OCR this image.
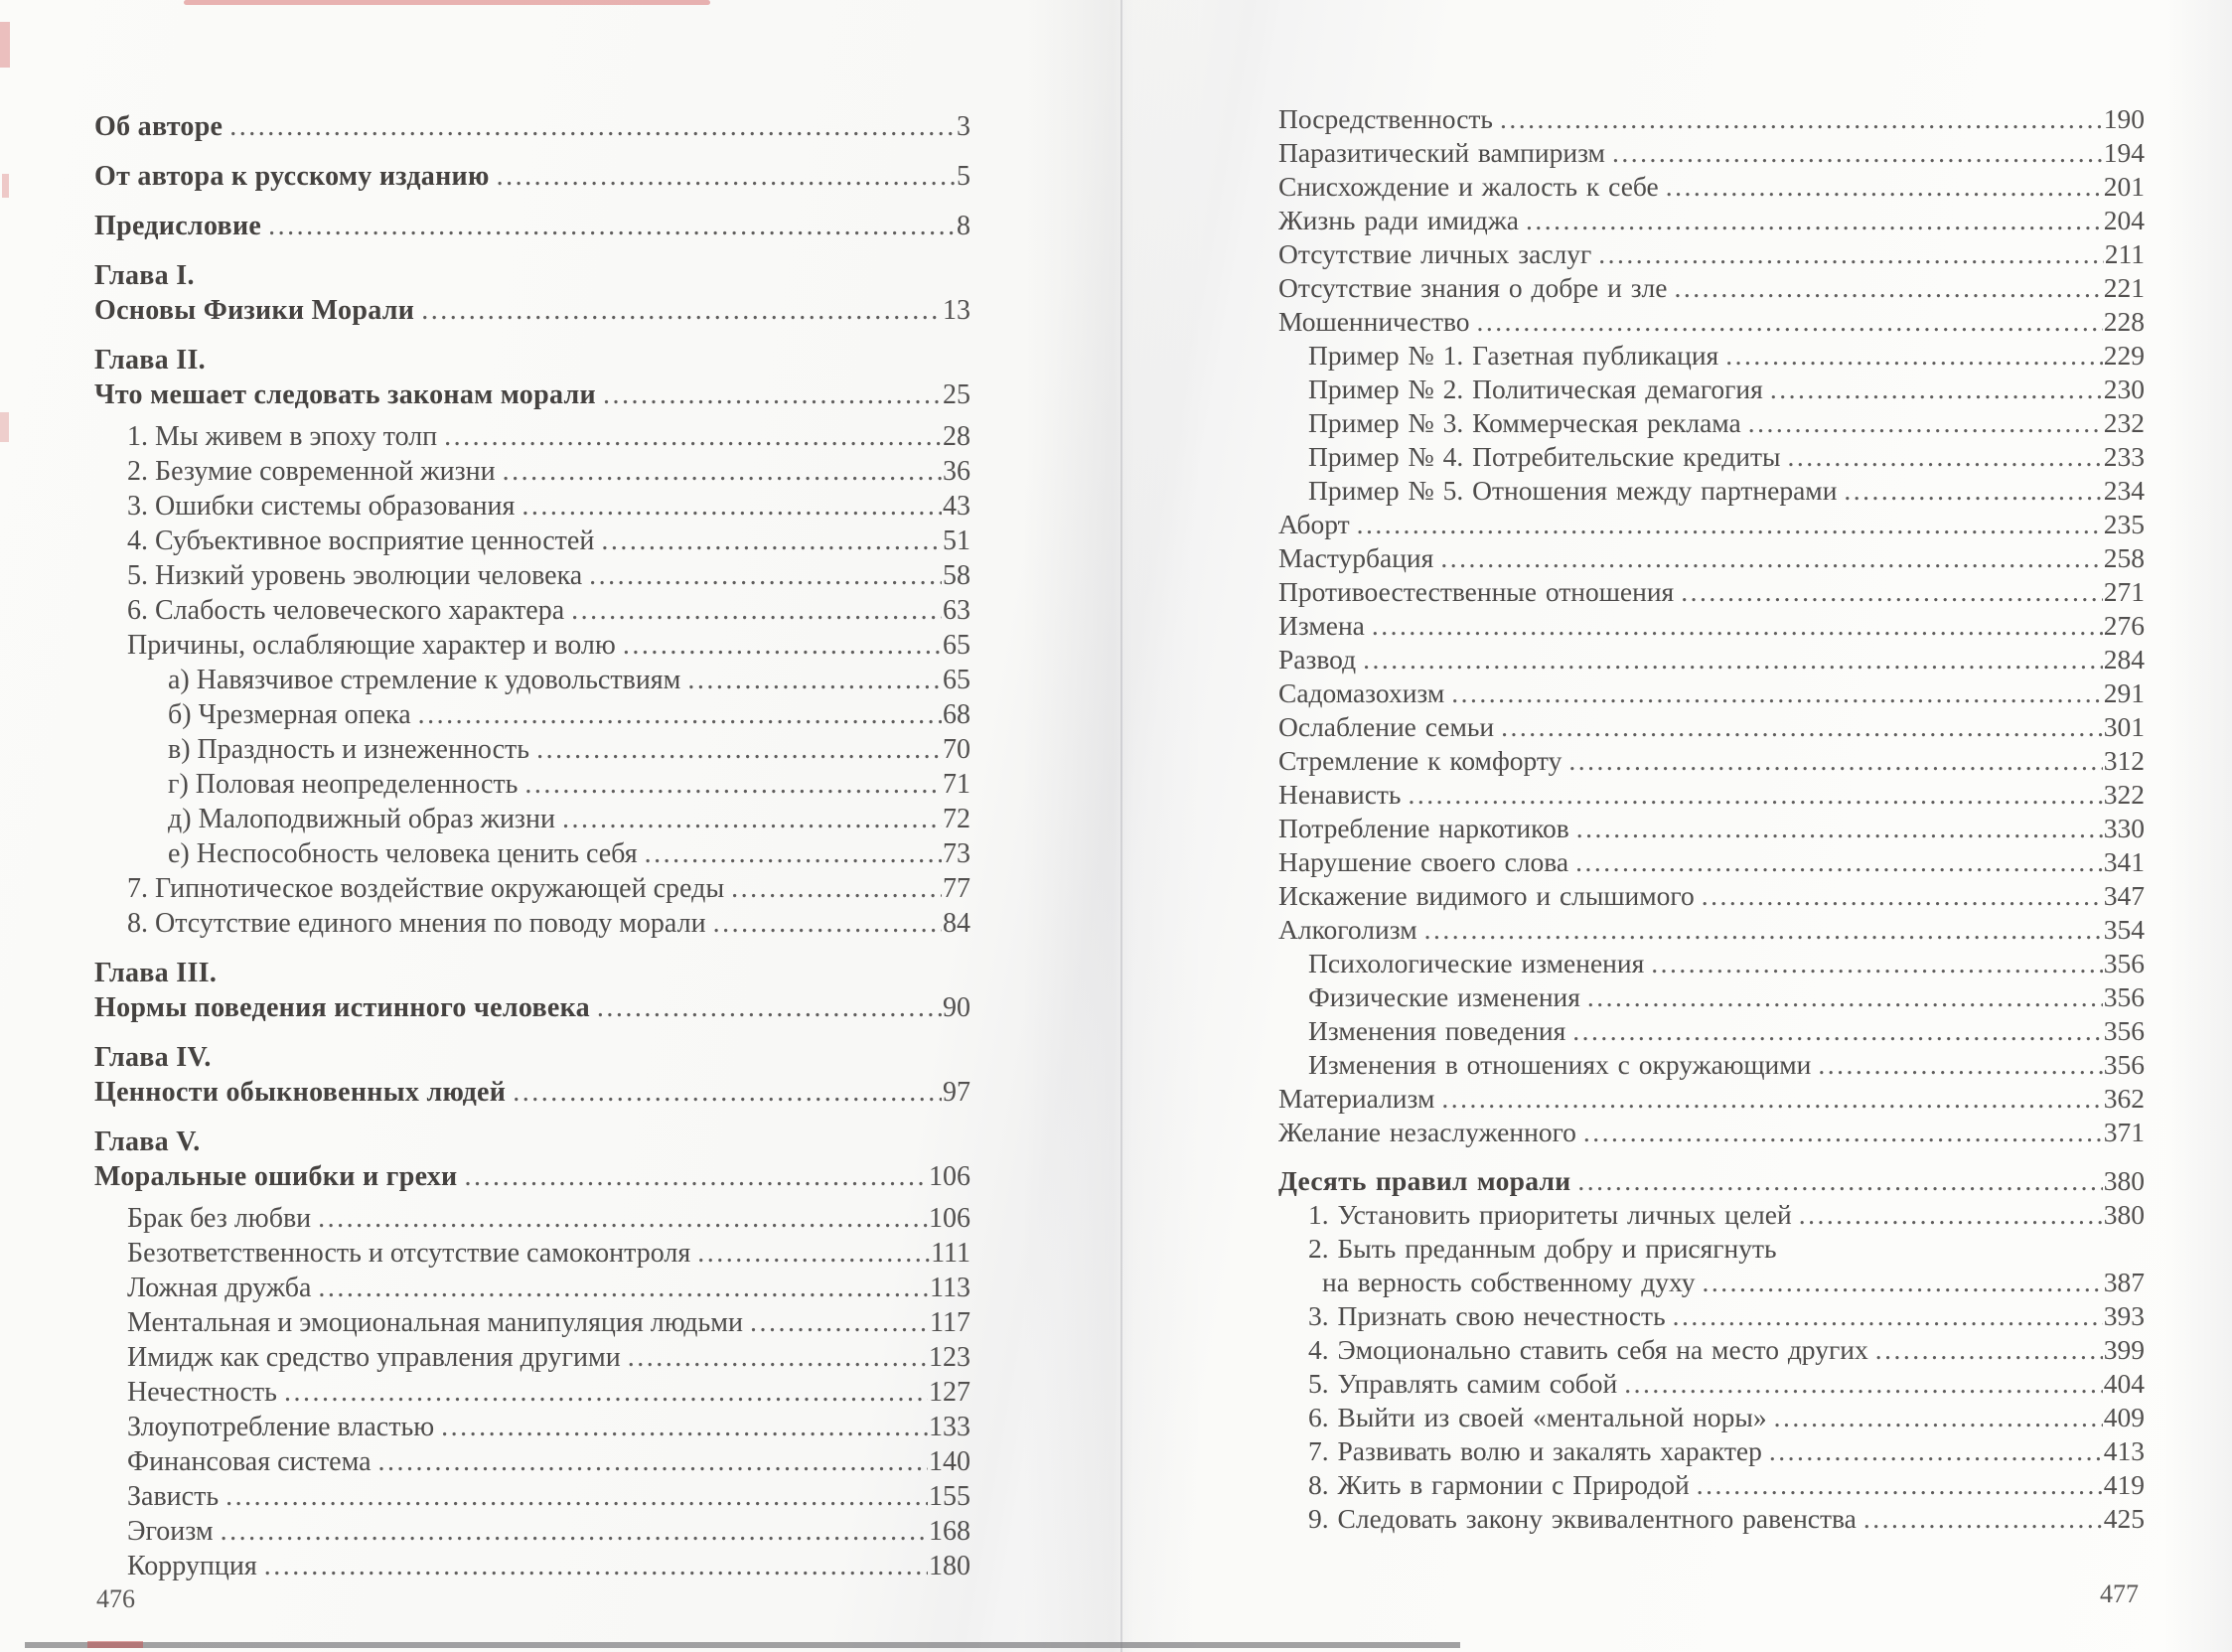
Об авторе .....	3
От автора к русскому изданию .....	5
Предисловие .....	8
Глава I.
Основы Физики Морали .....	13
Глава II.
Что мешает следовать законам морали .....	25
1. Мы живем в эпоху толп .....	28
2. Безумие современной жизни .....	36
3. Ошибки системы образования .....	43
4. Субъективное восприятие ценностей .....	51
5. Низкий уровень эволюции человека .....	58
6. Слабость человеческого характера .....	63
Причины, ослабляющие характер и волю .....	65
а) Навязчивое стремление к удовольствиям .....	65
б) Чрезмерная опека .....	68
в) Праздность и изнеженность .....	70
г) Половая неопределенность .....	71
д) Малоподвижный образ жизни .....	72
е) Неспособность человека ценить себя .....	73
7. Гипнотическое воздействие окружающей среды .....	77
8. Отсутствие единого мнения по поводу морали .....	84
Глава III.
Нормы поведения истинного человека .....	90
Глава IV.
Ценности обыкновенных людей .....	97
Глава V.
Моральные ошибки и грехи .....	106
Брак без любви .....	106
Безответственность и отсутствие самоконтроля .....	111
Ложная дружба .....	113
Ментальная и эмоциональная манипуляция людьми .....	117
Имидж как средство управления другими .....	123
Нечестность .....	127
Злоупотребление властью .....	133
Финансовая система .....	140
Зависть .....	155
Эгоизм .....	168
Коррупция .....	180
Посредственность .....	190
Паразитический вампиризм .....	194
Снисхождение и жалость к себе .....	201
Жизнь ради имиджа .....	204
Отсутствие личных заслуг .....	211
Отсутствие знания о добре и зле .....	221
Мошенничество .....	228
Пример № 1. Газетная публикация .....	229
Пример № 2. Политическая демагогия .....	230
Пример № 3. Коммерческая реклама .....	232
Пример № 4. Потребительские кредиты .....	233
Пример № 5. Отношения между партнерами .....	234
Аборт .....	235
Мастурбация .....	258
Противоестественные отношения .....	271
Измена .....	276
Развод .....	284
Садомазохизм .....	291
Ослабление семьи .....	301
Стремление к комфорту .....	312
Ненависть .....	322
Потребление наркотиков .....	330
Нарушение своего слова .....	341
Искажение видимого и слышимого .....	347
Алкоголизм .....	354
Психологические изменения .....	356
Физические изменения .....	356
Изменения поведения .....	356
Изменения в отношениях с окружающими .....	356
Материализм .....	362
Желание незаслуженного .....	371
Десять правил морали .....	380
1. Установить приоритеты личных целей .....	380
2. Быть преданным добру и присягнуть
на верность собственному духу .....	387
3. Признать свою нечестность .....	393
4. Эмоционально ставить себя на место других .....	399
5. Управлять самим собой .....	404
6. Выйти из своей «ментальной норы» .....	409
7. Развивать волю и закалять характер .....	413
8. Жить в гармонии с Природой .....	419
9. Следовать закону эквивалентного равенства .....	425
476	477
